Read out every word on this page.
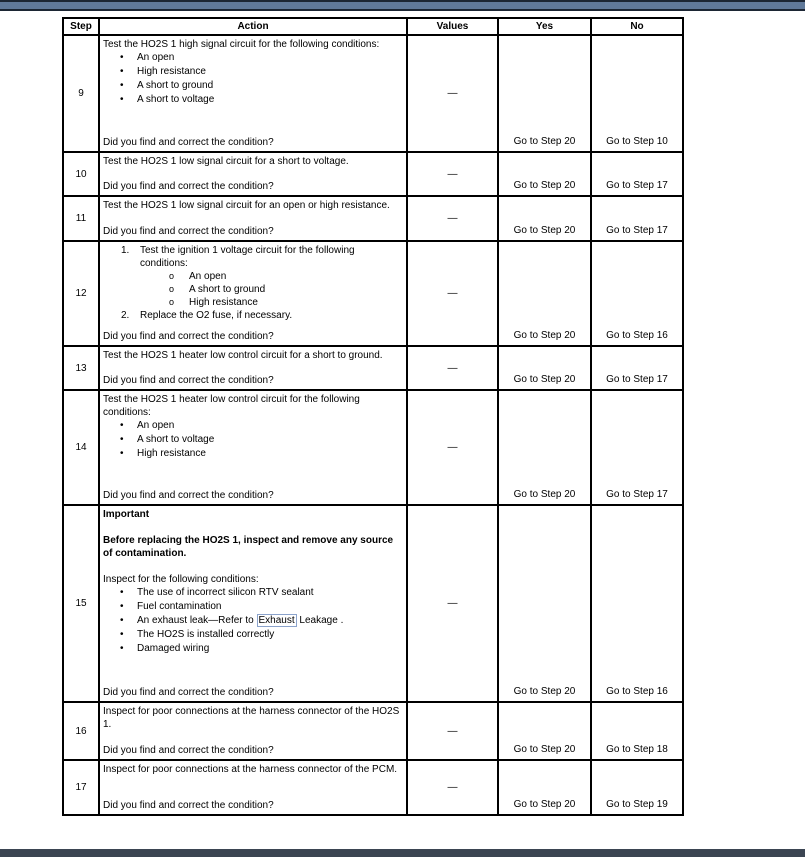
Step	Action	Values	Yes	No
9	
Test the HO2S 1 high signal circuit for the following conditions:
• An open
• High resistance
• A short to ground
• A short to voltage
Did you find and correct the condition?
	—	Go to Step 20	Go to Step 10
10	Test the HO2S 1 low signal circuit for a short to voltage.
Did you find and correct the condition?	—	Go to Step 20	Go to Step 17
11	Test the HO2S 1 low signal circuit for an open or high resistance.
Did you find and correct the condition?	—	Go to Step 20	Go to Step 17
12	
1. Test the ignition 1 voltage circuit for the following conditions:
o An open
o A short to ground
o High resistance
2. Replace the O2 fuse, if necessary.
Did you find and correct the condition?
	—	Go to Step 20	Go to Step 16
13	Test the HO2S 1 heater low control circuit for a short to ground.
Did you find and correct the condition?	—	Go to Step 20	Go to Step 17
14	
Test the HO2S 1 heater low control circuit for the following conditions:
• An open
• A short to voltage
• High resistance
Did you find and correct the condition?
	—	Go to Step 20	Go to Step 17
15	
Important
Before replacing the HO2S 1, inspect and remove any source of contamination.
Inspect for the following conditions:
• The use of incorrect silicon RTV sealant
• Fuel contamination
• An exhaust leak—Refer to Exhaust Leakage .
• The HO2S is installed correctly
• Damaged wiring
Did you find and correct the condition?
	—	Go to Step 20	Go to Step 16
16	Inspect for poor connections at the harness connector of the HO2S 1.
Did you find and correct the condition?	—	Go to Step 20	Go to Step 18
17	Inspect for poor connections at the harness connector of the PCM.
Did you find and correct the condition?	—	Go to Step 20	Go to Step 19
